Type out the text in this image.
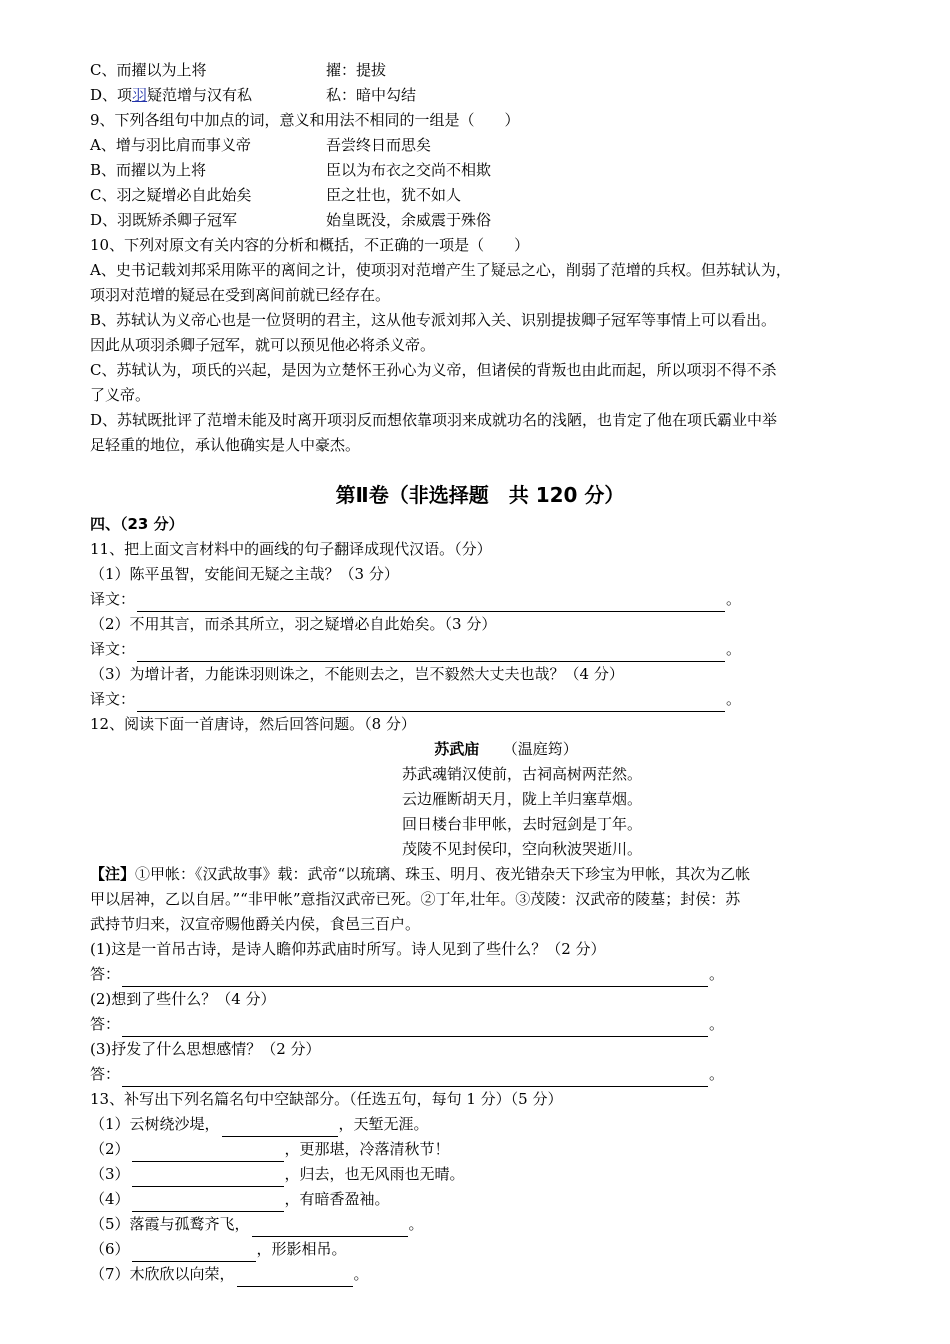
C、而擢以为上将	擢：提拔
D、项羽疑范增与汉有私	私：暗中勾结
9、下列各组句中加点的词，意义和用法不相同的一组是（　　）
A、增与羽比肩而事义帝	吾尝终日而思矣
B、而擢以为上将	臣以为布衣之交尚不相欺
C、羽之疑增必自此始矣	臣之壮也，犹不如人
D、羽既矫杀卿子冠军	始皇既没，余威震于殊俗
10、下列对原文有关内容的分析和概括，不正确的一项是（　　）
A、史书记载刘邦采用陈平的离间之计，使项羽对范增产生了疑忌之心，削弱了范增的兵权。但苏轼认为，
项羽对范增的疑忌在受到离间前就已经存在。
B、苏轼认为义帝心也是一位贤明的君主，这从他专派刘邦入关、识别提拔卿子冠军等事情上可以看出。
因此从项羽杀卿子冠军，就可以预见他必将杀义帝。
C、苏轼认为，项氏的兴起，是因为立楚怀王孙心为义帝，但诸侯的背叛也由此而起，所以项羽不得不杀
了义帝。
D、苏轼既批评了范增未能及时离开项羽反而想依靠项羽来成就功名的浅陋，也肯定了他在项氏霸业中举
足轻重的地位，承认他确实是人中豪杰。
第Ⅱ卷（非选择题　共 120 分）
四、（23 分）
11、把上面文言材料中的画线的句子翻译成现代汉语。（分）
（1）陈平虽智，安能间无疑之主哉？（3 分）
译文：	。
（2）不用其言，而杀其所立，羽之疑增必自此始矣。（3 分）
译文：	。
（3）为增计者，力能诛羽则诛之，不能则去之，岂不毅然大丈夫也哉？（4 分）
译文：	。
12、阅读下面一首唐诗，然后回答问题。（8 分）
苏武庙 （温庭筠）
苏武魂销汉使前，古祠高树两茫然。
云边雁断胡天月，陇上羊归塞草烟。
回日楼台非甲帐，去时冠剑是丁年。
茂陵不见封侯印，空向秋波哭逝川。
【注】①甲帐：《汉武故事》载：武帝“以琉璃、珠玉、明月、夜光错杂天下珍宝为甲帐，其次为乙帐
甲以居神，乙以自居。”“非甲帐”意指汉武帝已死。②丁年,壮年。③茂陵：汉武帝的陵墓；封侯：苏
武持节归来，汉宣帝赐他爵关内侯，食邑三百户。
(1)这是一首吊古诗，是诗人瞻仰苏武庙时所写。诗人见到了些什么？（2 分）
答：	。
(2)想到了些什么？（4 分）
答：	。
(3)抒发了什么思想感情？（2 分）
答：	。
13、补写出下列名篇名句中空缺部分。（任选五句，每句 1 分）（5 分）
（1）云树绕沙堤，	，天堑无涯。
（2）	，更那堪，冷落清秋节！
（3）	，归去，也无风雨也无晴。
（4）	，有暗香盈袖。
（5）落霞与孤鹜齐飞，	。
（6）	，形影相吊。
（7）木欣欣以向荣，	。
